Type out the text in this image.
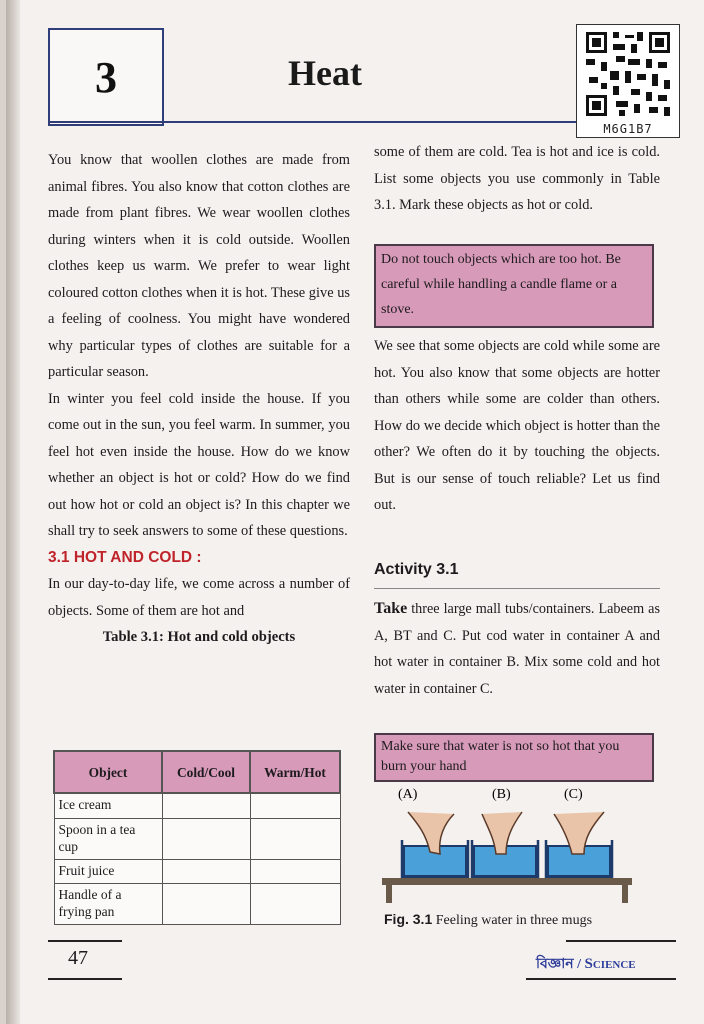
3	Heat
M6G1B7

You know that woollen clothes are made from animal fibres. You also know that cotton clothes are made from plant fibres. We wear woollen clothes during winters when it is cold outside. Woollen clothes keep us warm. We prefer to wear light coloured cotton clothes when it is hot. These give us a feeling of coolness. You might have wondered why particular types of clothes are suitable for a particular season.

In winter you feel cold inside the house. If you come out in the sun, you feel warm. In summer, you feel hot even inside the house. How do we know whether an object is hot or cold? How do we find out how hot or cold an object is? In this chapter we shall try to seek answers to some of these questions.

3.1 HOT AND COLD :

In our day-to-day life, we come across a number of objects. Some of them are hot and

Table 3.1: Hot and cold objects

Object	Cold/Cool	Warm/Hot
Ice cream		
Spoon in a tea cup		
Fruit juice		
Handle of a frying pan		

some of them are cold. Tea is hot and ice is cold. List some objects you use commonly in Table 3.1. Mark these objects as hot or cold.

Do not touch objects which are too hot. Be careful while handling a candle flame or a stove.

We see that some objects are cold while some are hot. You also know that some objects are hotter than others while some are colder than others. How do we decide which object is hotter than the other? We often do it by touching the objects. But is our sense of touch reliable? Let us find out.

Activity 3.1
Take three large mall tubs/containers. Labeem as A, BT and C. Put cod water in container A and hot water in container B. Mix some cold and hot water in container C.
Make sure that water is not so hot that you burn your hand
(A)	(B)	(C)
Fig. 3.1 Feeling water in three mugs
47	বিজ্ঞান / Science
